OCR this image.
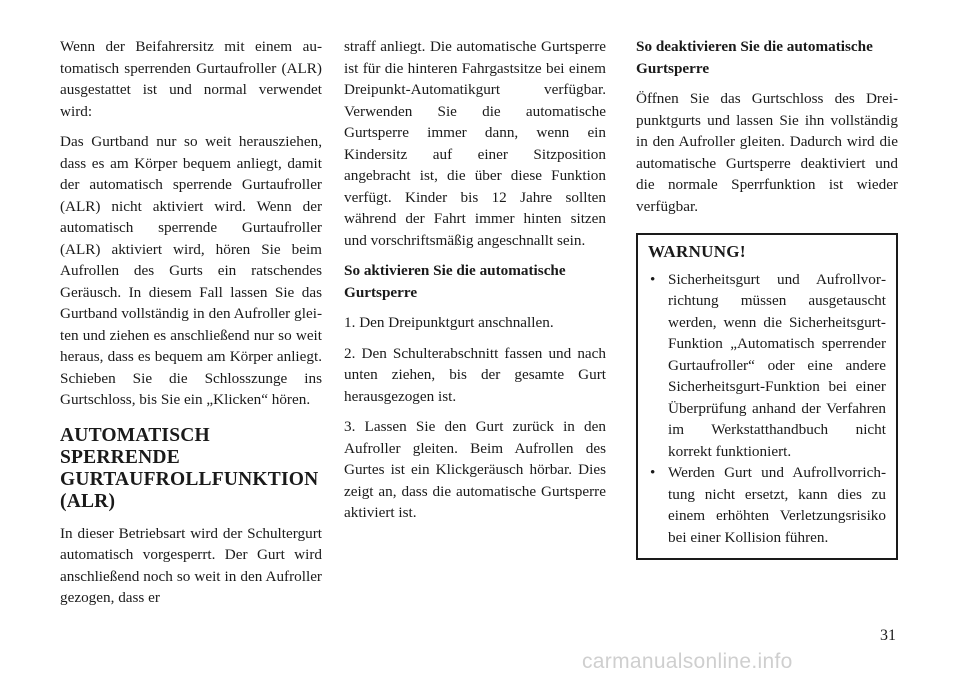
Wenn der Beifahrersitz mit einem automatisch sperrenden Gurtaufroller (ALR) ausgestattet ist und normal verwendet wird:

Das Gurtband nur so weit herausziehen, dass es am Körper bequem anliegt, damit der automatisch sperrende Gurtaufroller (ALR) nicht aktiviert wird. Wenn der automatisch sperrende Gurtaufroller (ALR) aktiviert wird, hören Sie beim Aufrollen des Gurts ein ratschendes Geräusch. In diesem Fall lassen Sie das Gurtband vollständig in den Aufroller gleiten und ziehen es anschließend nur so weit heraus, dass es bequem am Körper anliegt. Schieben Sie die Schlosszunge ins Gurtschloss, bis Sie ein „Klicken“ hören.

AUTOMATISCH SPERRENDE GURTAUFROLLFUNKTION (ALR)

In dieser Betriebsart wird der Schultergurt automatisch vorgesperrt. Der Gurt wird anschließend noch so weit in den Aufroller gezogen, dass er

straff anliegt. Die automatische Gurtsperre ist für die hinteren Fahrgastsitze bei einem Dreipunkt-Automatikgurt verfügbar. Verwenden Sie die automatische Gurtsperre immer dann, wenn ein Kindersitz auf einer Sitzposition angebracht ist, die über diese Funktion verfügt. Kinder bis 12 Jahre sollten während der Fahrt immer hinten sitzen und vorschriftsmäßig angeschnallt sein.

So aktivieren Sie die automatische Gurtsperre

1. Den Dreipunktgurt anschnallen.

2. Den Schulterabschnitt fassen und nach unten ziehen, bis der gesamte Gurt herausgezogen ist.

3. Lassen Sie den Gurt zurück in den Aufroller gleiten. Beim Aufrollen des Gurtes ist ein Klickgeräusch hörbar. Dies zeigt an, dass die automatische Gurtsperre aktiviert ist.

So deaktivieren Sie die automatische Gurtsperre

Öffnen Sie das Gurtschloss des Dreipunktgurts und lassen Sie ihn vollständig in den Aufroller gleiten. Dadurch wird die automatische Gurtsperre deaktiviert und die normale Sperrfunktion ist wieder verfügbar.

WARNUNG!
• Sicherheitsgurt und Aufrollvorrichtung müssen ausgetauscht werden, wenn die Sicherheitsgurt-Funktion „Automatisch sperrender Gurtaufroller“ oder eine andere Sicherheitsgurt-Funktion bei einer Überprüfung anhand der Verfahren im Werkstatthandbuch nicht korrekt funktioniert.
• Werden Gurt und Aufrollvorrichtung nicht ersetzt, kann dies zu einem erhöhten Verletzungsrisiko bei einer Kollision führen.
31
carmanualsonline.info
